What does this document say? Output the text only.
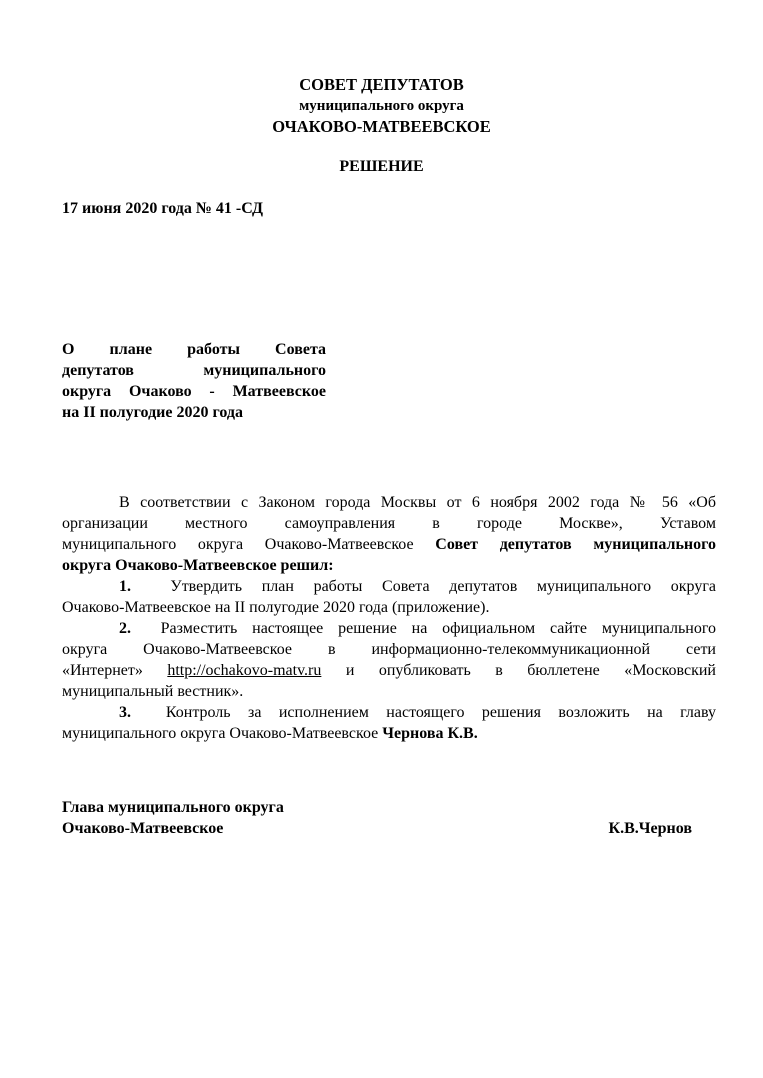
СОВЕТ ДЕПУТАТОВ
муниципального округа
ОЧАКОВО-МАТВЕЕВСКОЕ
РЕШЕНИЕ
17 июня 2020 года № 41 -СД
О плане работы Совета
депутатов муниципального
округа Очаково - Матвеевское
на II полугодие 2020 года
В соответствии с Законом города Москвы от 6 ноября 2002 года № 56 «Об
организации местного самоуправления в городе Москве», Уставом
муниципального округа Очаково-Матвеевское Совет депутатов муниципального
округа Очаково-Матвеевское решил:
1. Утвердить план работы Совета депутатов муниципального округа
Очаково-Матвеевское на II полугодие 2020 года (приложение).
2. Разместить настоящее решение на официальном сайте муниципального
округа Очаково-Матвеевское в информационно-телекоммуникационной сети
«Интернет» http://ochakovo-matv.ru и опубликовать в бюллетене «Московский
муниципальный вестник».
3. Контроль за исполнением настоящего решения возложить на главу
муниципального округа Очаково-Матвеевское Чернова К.В.
Глава муниципального округа
Очаково-Матвеевское	К.В.Чернов
